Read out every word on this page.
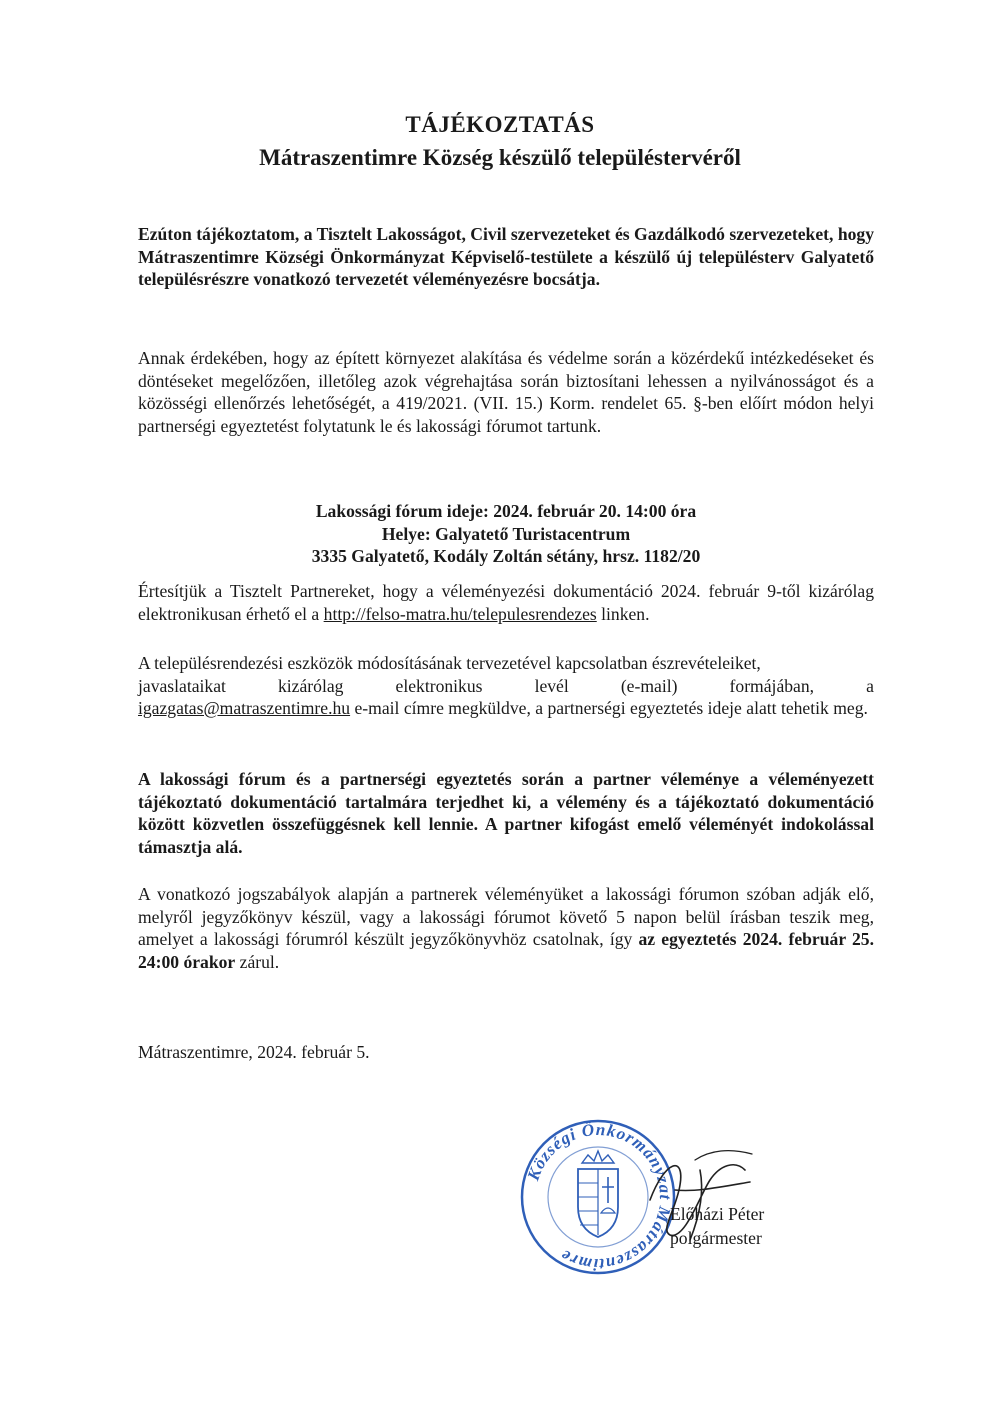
TÁJÉKOZTATÁS
Mátraszentimre Község készülő településtervéről

Ezúton tájékoztatom, a Tisztelt Lakosságot, Civil szervezeteket és Gazdálkodó szervezeteket, hogy Mátraszentimre Községi Önkormányzat Képviselő-testülete a készülő új településterv Galyatető településrészre vonatkozó tervezetét véleményezésre bocsátja.

Annak érdekében, hogy az épített környezet alakítása és védelme során a közérdekű intézkedéseket és döntéseket megelőzően, illetőleg azok végrehajtása során biztosítani lehessen a nyilvánosságot és a közösségi ellenőrzés lehetőségét, a 419/2021. (VII. 15.) Korm. rendelet 65. §-ben előírt módon helyi partnerségi egyeztetést folytatunk le és lakossági fórumot tartunk.

Lakossági fórum ideje: 2024. február 20. 14:00 óra
Helye: Galyatető Turistacentrum
3335 Galyatető, Kodály Zoltán sétány, hrsz. 1182/20

Értesítjük a Tisztelt Partnereket, hogy a véleményezési dokumentáció 2024. február 9-től kizárólag elektronikusan érhető el a http://felso-matra.hu/telepulesrendezes linken.

A településrendezési eszközök módosításának tervezetével kapcsolatban észrevételeiket,
javaslataikat	kizárólag	elektronikus	levél	(e-mail)	formájában,	a
igazgatas@matraszentimre.hu e-mail címre megküldve, a partnerségi egyeztetés ideje alatt tehetik meg.

A lakossági fórum és a partnerségi egyeztetés során a partner véleménye a véleményezett tájékoztató dokumentáció tartalmára terjedhet ki, a vélemény és a tájékoztató dokumentáció között közvetlen összefüggésnek kell lennie. A partner kifogást emelő véleményét indokolással támasztja alá.

A vonatkozó jogszabályok alapján a partnerek véleményüket a lakossági fórumon szóban adják elő, melyről jegyzőkönyv készül, vagy a lakossági fórumot követő 5 napon belül írásban teszik meg, amelyet a lakossági fórumról készült jegyzőkönyvhöz csatolnak, így az egyeztetés 2024. február 25. 24:00 órakor zárul.

Mátraszentimre, 2024. február 5.

Községi Önkormányzat Mátraszentimre
Előházi Péter
polgármester
